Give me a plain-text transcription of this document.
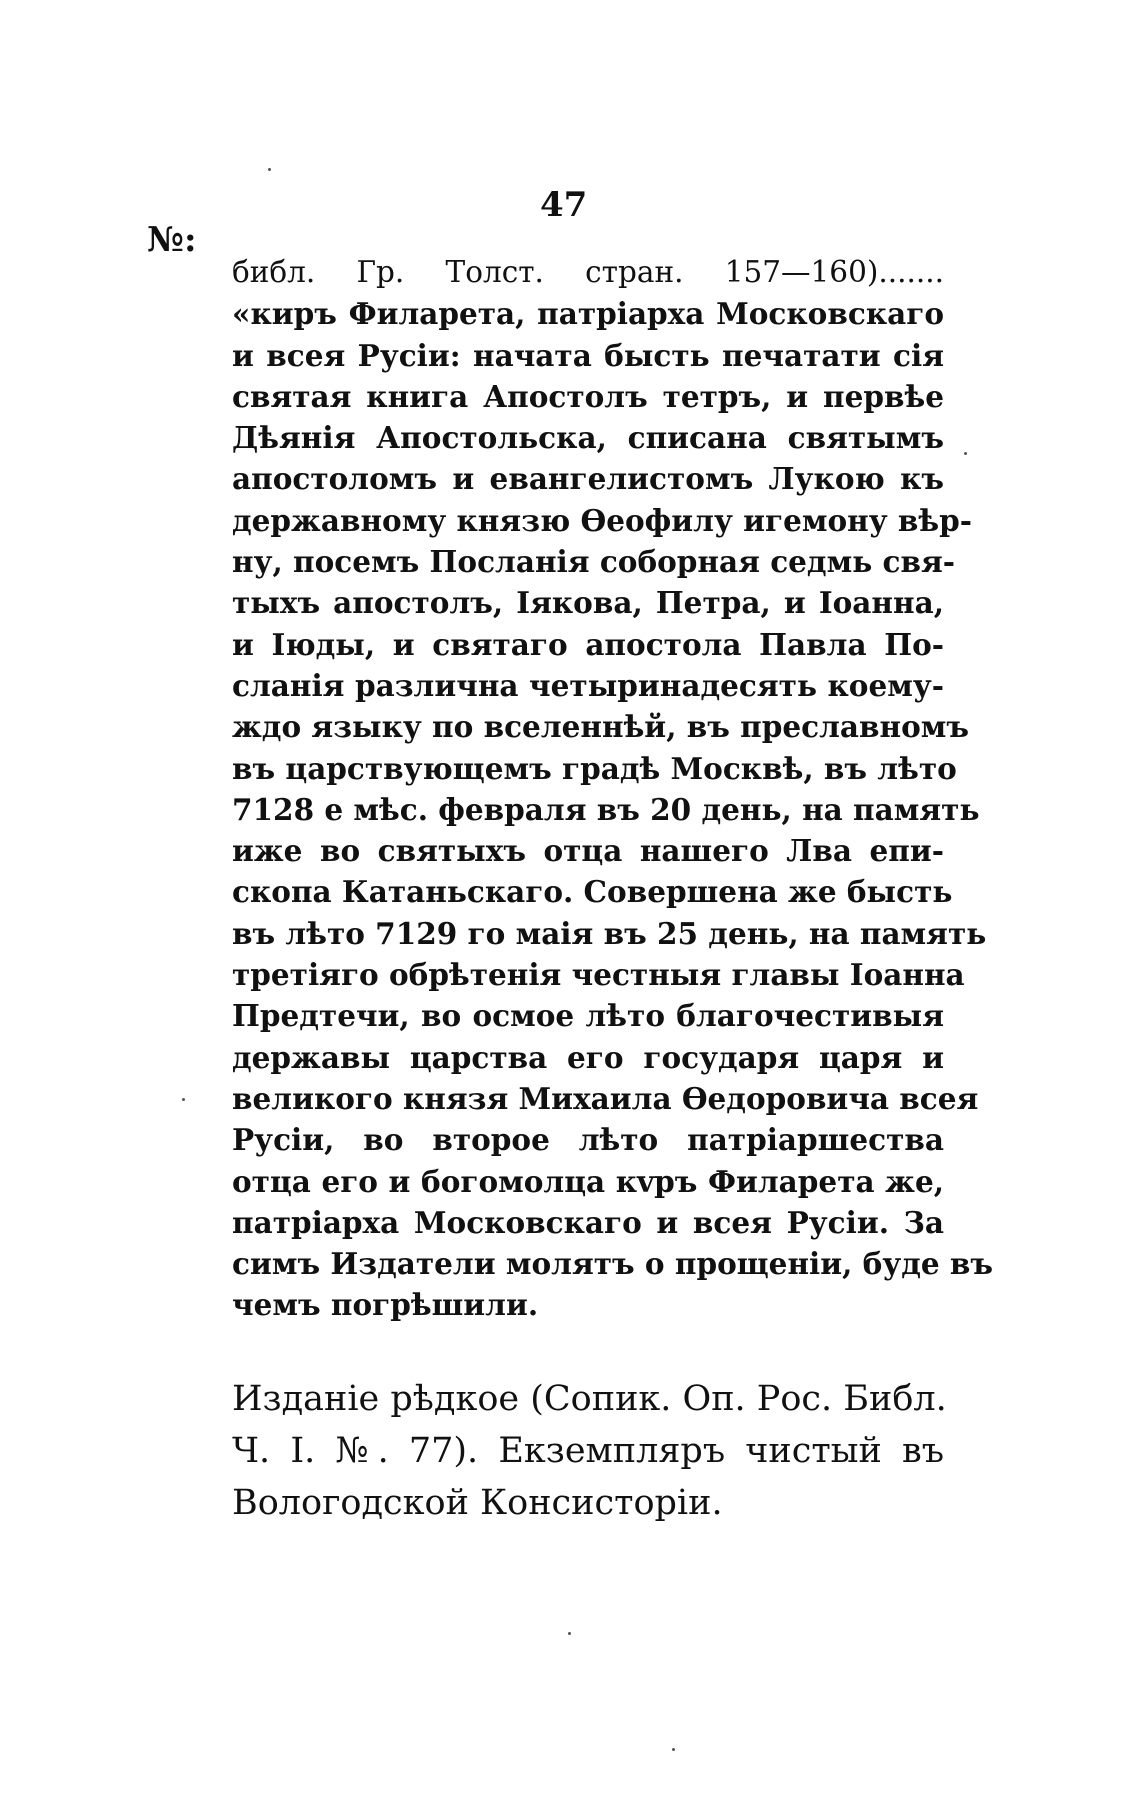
47
№:
библ. Гр. Толст. стран. 157—160).......
«киръ Филарета, патріарха Московскаго
и всея Русіи: начата бысть печатати сія
святая книга Апостолъ тетръ, и первѣе
Дѣянія Апостольска, списана святымъ
апостоломъ и евангелистомъ Лукою къ
державному князю Өеофилу игемону вѣр-
ну, посемъ Посланія соборная седмь свя-
тыхъ апостолъ, Іякова, Петра, и Іоанна,
и Іюды, и святаго апостола Павла По-
сланія различна четыринадесять коему-
ждо языку по вселеннѣй, въ преславномъ
въ царствующемъ градѣ Москвѣ, въ лѣто
7128 е мѣс. февраля въ 20 день, на память
иже во святыхъ отца нашего Лва епи-
скопа Катаньскаго. Совершена же бысть
въ лѣто 7129 го маія въ 25 день, на память
третіяго обрѣтенія честныя главы Іоанна
Предтечи, во осмое лѣто благочестивыя
державы царства его государя царя и
великого князя Михаила Өедоровича всея
Русіи, во второе лѣто патріаршества
отца его и богомолца кvръ Филарета же,
патріарха Московскаго и всея Русіи. За
симъ Издатели молятъ о прощеніи, буде въ
чемъ погрѣшили.
Изданіе рѣдкое (Сопик. Оп. Рос. Библ.
Ч. I. №. 77). Екземпляръ чистый въ
Вологодской Консисторіи.
